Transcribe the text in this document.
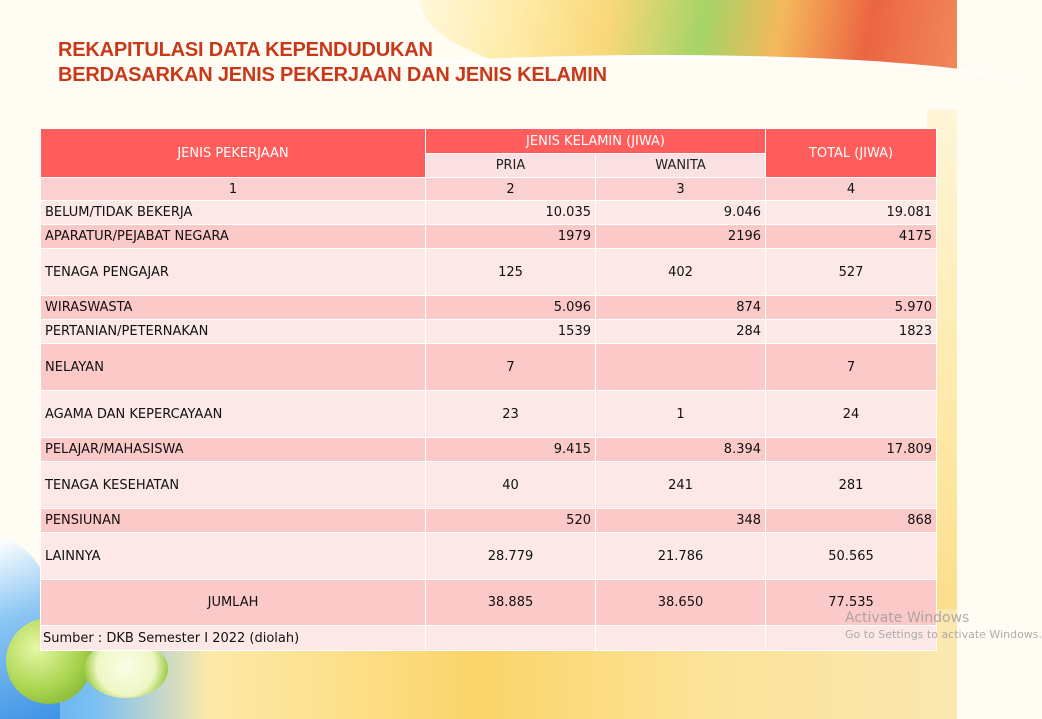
REKAPITULASI DATA KEPENDUDUKAN
BERDASARKAN JENIS PEKERJAAN DAN JENIS KELAMIN
JENIS PEKERJAAN	JENIS KELAMIN (JIWA)		TOTAL (JIWA)
	PRIA	WANITA	
1	2	3	4
BELUM/TIDAK BEKERJA	10.035	9.046	19.081
APARATUR/PEJABAT NEGARA	1979	2196	4175
TENAGA PENGAJAR	125	402	527
WIRASWASTA	5.096	874	5.970
PERTANIAN/PETERNAKAN	1539	284	1823
NELAYAN	7		7
AGAMA DAN KEPERCAYAAN	23	1	24
PELAJAR/MAHASISWA	9.415	8.394	17.809
TENAGA KESEHATAN	40	241	281
PENSIUNAN	520	348	868
LAINNYA	28.779	21.786	50.565
JUMLAH	38.885	38.650	77.535
Sumber : DKB Semester I 2022 (diolah)			
Activate Windows
Go to Settings to activate Windows.
